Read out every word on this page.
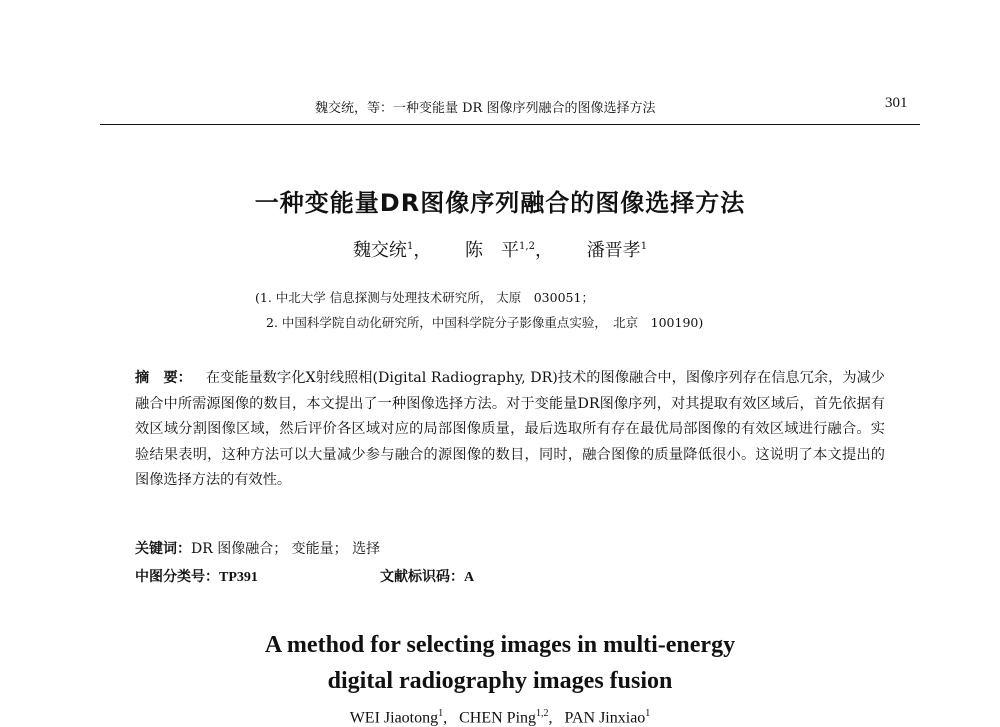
魏交统，等：一种变能量 DR 图像序列融合的图像选择方法	301
一种变能量DR图像序列融合的图像选择方法
魏交统$^1$， 陈　平$^{1,2}$， 潘晋孝$^1$
(1. 中北大学 信息探测与处理技术研究所， 太原　030051；
2. 中国科学院自动化研究所，中国科学院分子影像重点实验，　北京　100190)
摘　要： 在变能量数字化X射线照相(Digital Radiography, DR)技术的图像融合中，图像序列存在信息冗余，为减少融合中所需源图像的数目，本文提出了一种图像选择方法。对于变能量DR图像序列，对其提取有效区域后，首先依据有效区域分割图像区域，然后评价各区域对应的局部图像质量，最后选取所有存在最优局部图像的有效区域进行融合。实验结果表明，这种方法可以大量减少参与融合的源图像的数目，同时，融合图像的质量降低很小。这说明了本文提出的图像选择方法的有效性。
关键词：DR 图像融合； 变能量； 选择
中图分类号：TP391	文献标识码：A
A method for selecting images in multi-energy
digital radiography images fusion
WEI Jiaotong$^1$,   CHEN Ping$^{1,2}$,   PAN Jinxiao$^1$
